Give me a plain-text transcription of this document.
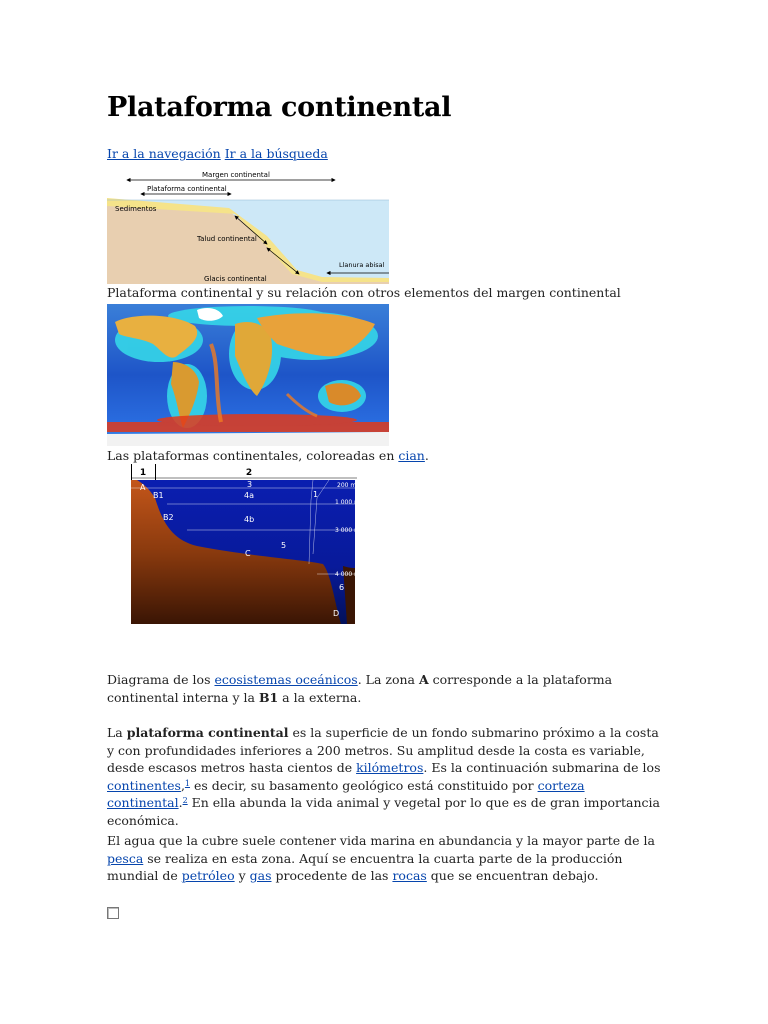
Plataforma continental
Ir a la navegación Ir a la búsqueda
Margen continental
Plataforma continental
Sedimentos
Talud continental
Glacis continental
Llanura abisal
Plataforma continental y su relación con otros elementos del margen continental
Las plataformas continentales, coloreadas en cian.
1	2
200 m
1 000 m
3 000 m
4 000 m
A
B1
3
4a	1
B2	4b
5
C
6
D

Diagrama de los ecosistemas oceánicos. La zona A corresponde a la plataforma continental interna y la B1 a la externa.

La plataforma continental es la superficie de un fondo submarino próximo a la costa y con profundidades inferiores a 200 metros. Su amplitud desde la costa es variable, desde escasos metros hasta cientos de kilómetros. Es la continuación submarina de los continentes,$^1$ es decir, su basamento geológico está constituido por corteza continental.$^2$ En ella abunda la vida animal y vegetal por lo que es de gran importancia económica.

El agua que la cubre suele contener vida marina en abundancia y la mayor parte de la pesca se realiza en esta zona. Aquí se encuentra la cuarta parte de la producción mundial de petróleo y gas procedente de las rocas que se encuentran debajo.
